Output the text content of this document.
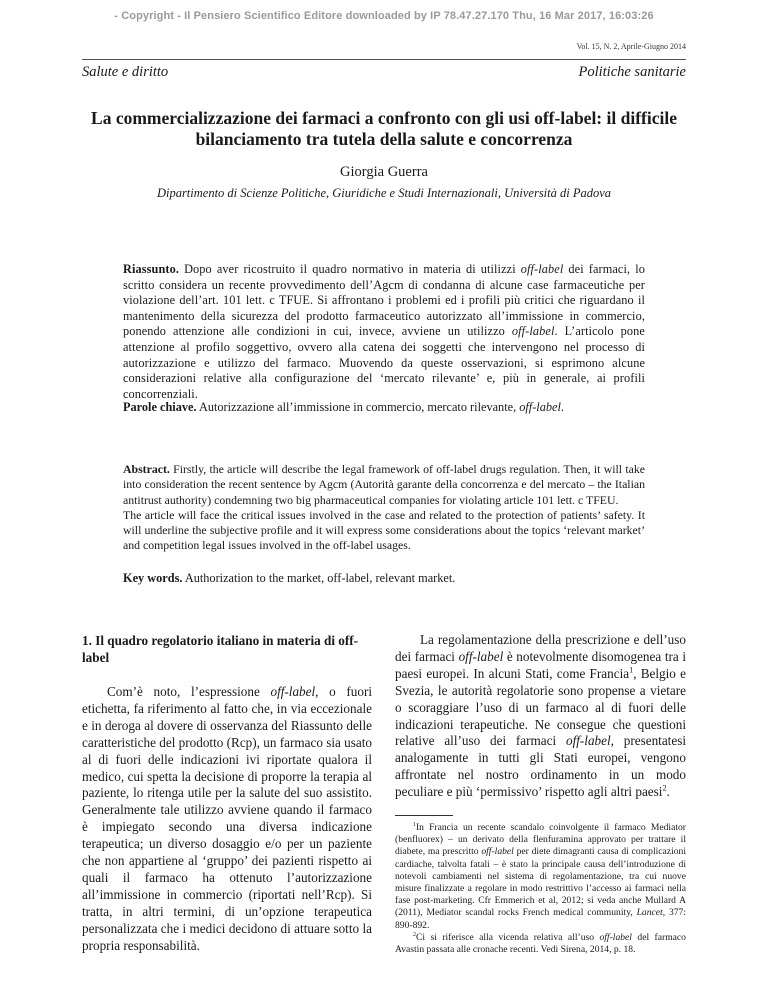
- Copyright - Il Pensiero Scientifico Editore downloaded by IP 78.47.27.170 Thu, 16 Mar 2017, 16:03:26
Vol. 15, N. 2, Aprile-Giugno 2014
Salute e diritto	Politiche sanitarie
La commercializzazione dei farmaci a confronto con gli usi off-label: il difficile bilanciamento tra tutela della salute e concorrenza
Giorgia Guerra
Dipartimento di Scienze Politiche, Giuridiche e Studi Internazionali, Università di Padova
Riassunto. Dopo aver ricostruito il quadro normativo in materia di utilizzi off-label dei farmaci, lo scritto considera un recente provvedimento dell’Agcm di condanna di alcune case farmaceutiche per violazione dell’art. 101 lett. c TFUE. Si affrontano i problemi ed i profili più critici che riguardano il mantenimento della sicurezza del prodotto farmaceutico autorizzato all’immissione in commercio, ponendo attenzione alle condizioni in cui, invece, avviene un utilizzo off-label. L’articolo pone attenzione al profilo soggettivo, ovvero alla catena dei soggetti che intervengono nel processo di autorizzazione e utilizzo del farmaco. Muovendo da queste osservazioni, si esprimono alcune considerazioni relative alla configurazione del ‘mercato rilevante’ e, più in generale, ai profili concorrenziali.
Parole chiave. Autorizzazione all’immissione in commercio, mercato rilevante, off-label.
Abstract. Firstly, the article will describe the legal framework of off-label drugs regulation. Then, it will take into consideration the recent sentence by Agcm (Autorità garante della concorrenza e del mercato – the Italian antitrust authority) condemning two big pharmaceutical companies for violating article 101 lett. c TFEU.
The article will face the critical issues involved in the case and related to the protection of patients’ safety. It will underline the subjective profile and it will express some considerations about the topics ‘relevant market’ and competition legal issues involved in the off-label usages.
Key words. Authorization to the market, off-label, relevant market.
1. Il quadro regolatorio italiano in materia di off-label

Com’è noto, l’espressione off-label, o fuori etichetta, fa riferimento al fatto che, in via eccezionale e in deroga al dovere di osservanza del Riassunto delle caratteristiche del prodotto (Rcp), un farmaco sia usato al di fuori delle indicazioni ivi riportate qualora il medico, cui spetta la decisione di proporre la terapia al paziente, lo ritenga utile per la salute del suo assistito. Generalmente tale utilizzo avviene quando il farmaco è impiegato secondo una diversa indicazione terapeutica; un diverso dosaggio e/o per un paziente che non appartiene al ‘gruppo’ dei pazienti rispetto ai quali il farmaco ha ottenuto l’autorizzazione all’immissione in commercio (riportati nell’Rcp). Si tratta, in altri termini, di un’opzione terapeutica personalizzata che i medici decidono di attuare sotto la propria responsabilità.

La regolamentazione della prescrizione e dell’uso dei farmaci off-label è notevolmente disomogenea tra i paesi europei. In alcuni Stati, come Francia$^1$, Belgio e Svezia, le autorità regolatorie sono propense a vietare o scoraggiare l’uso di un farmaco al di fuori delle indicazioni terapeutiche. Ne consegue che questioni relative all’uso dei farmaci off-label, presentatesi analogamente in tutti gli Stati europei, vengono affrontate nel nostro ordinamento in un modo peculiare e più ‘permissivo’ rispetto agli altri paesi$^2$.

$^1$In Francia un recente scandalo coinvolgente il farmaco Mediator (benfluorex) – un derivato della flenfuramina approvato per trattare il diabete, ma prescritto off-label per diete dimagranti causa di complicazioni cardiache, talvolta fatali – è stato la principale causa dell’introduzione di notevoli cambiamenti nel sistema di regolamentazione, tra cui nuove misure finalizzate a regolare in modo restrittivo l’accesso ai farmaci nella fase post-marketing. Cfr Emmerich et al, 2012; si veda anche Mullard A (2011), Mediator scandal rocks French medical community, Lancet, 377: 890-892.

$^2$Ci si riferisce alla vicenda relativa all’uso off-label del farmaco Avastin passata alle cronache recenti. Vedi Sirena, 2014, p. 18.
